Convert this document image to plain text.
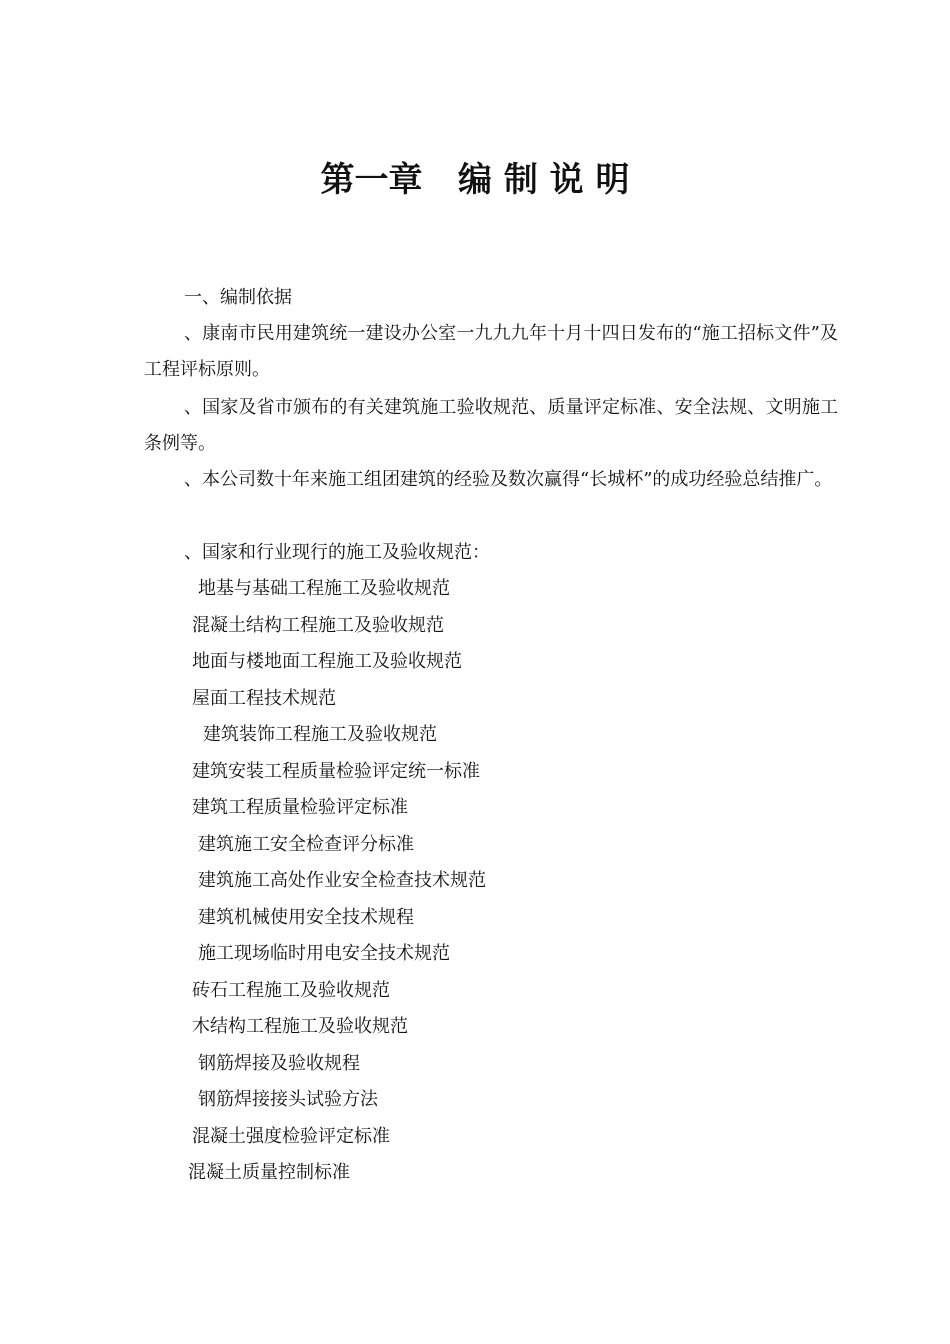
第一章   编 制 说 明
一、编制依据
、康南市民用建筑统一建设办公室一九九九年十月十四日发布的“施工招标文件”及工程评标原则。
、国家及省市颁布的有关建筑施工验收规范、质量评定标准、安全法规、文明施工条例等。
、本公司数十年来施工组团建筑的经验及数次赢得“长城杯”的成功经验总结推广。
、国家和行业现行的施工及验收规范：
地基与基础工程施工及验收规范
混凝土结构工程施工及验收规范
地面与楼地面工程施工及验收规范
屋面工程技术规范
建筑装饰工程施工及验收规范
建筑安装工程质量检验评定统一标准
建筑工程质量检验评定标准
建筑施工安全检查评分标准
建筑施工高处作业安全检查技术规范
建筑机械使用安全技术规程
施工现场临时用电安全技术规范
砖石工程施工及验收规范
木结构工程施工及验收规范
钢筋焊接及验收规程
钢筋焊接接头试验方法
混凝土强度检验评定标准
混凝土质量控制标准
